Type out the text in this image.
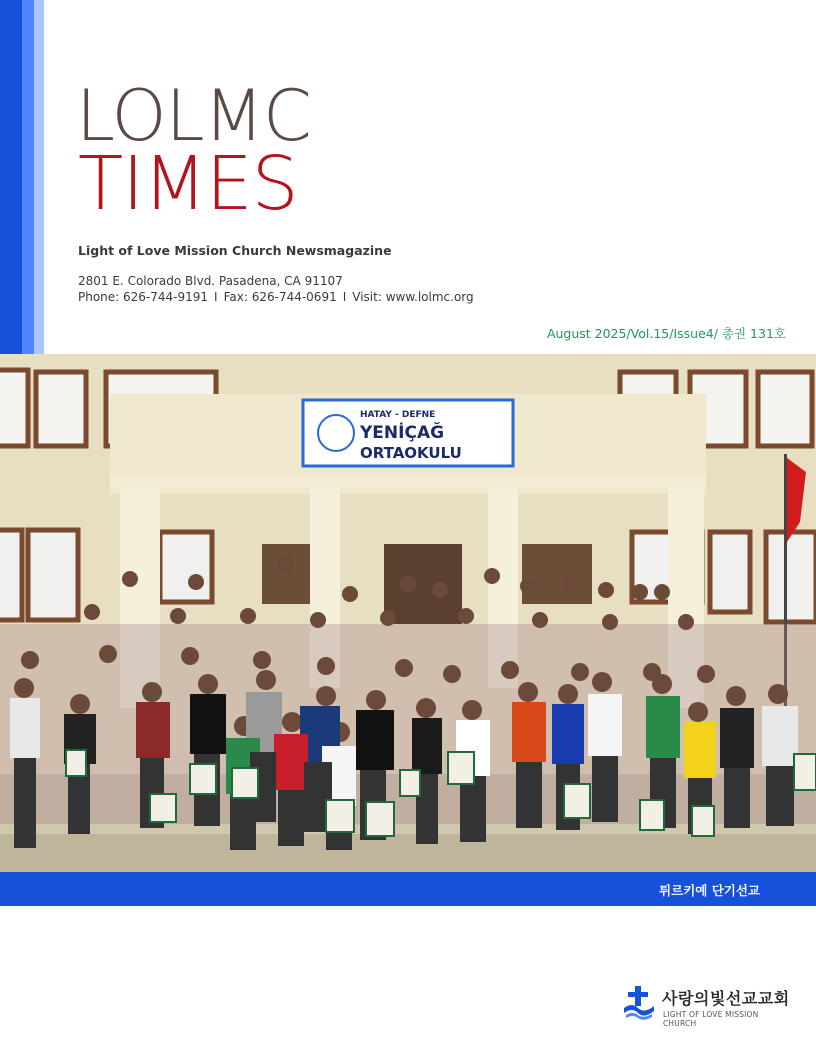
LOLMC
TIMES
Light of Love Mission Church Newsmagazine
2801 E. Colorado Blvd. Pasadena, CA 91107
Phone: 626-744-9191 I Fax: 626-744-0691 I Visit: www.lolmc.org
August 2025/Vol.15/Issue4/ 총권 131호
HATAY - DEFNE
YENİÇAĞ
ORTAOKULU
튀르키예 단기선교
사랑의빛선교교회
LIGHT OF LOVE MISSION CHURCH
